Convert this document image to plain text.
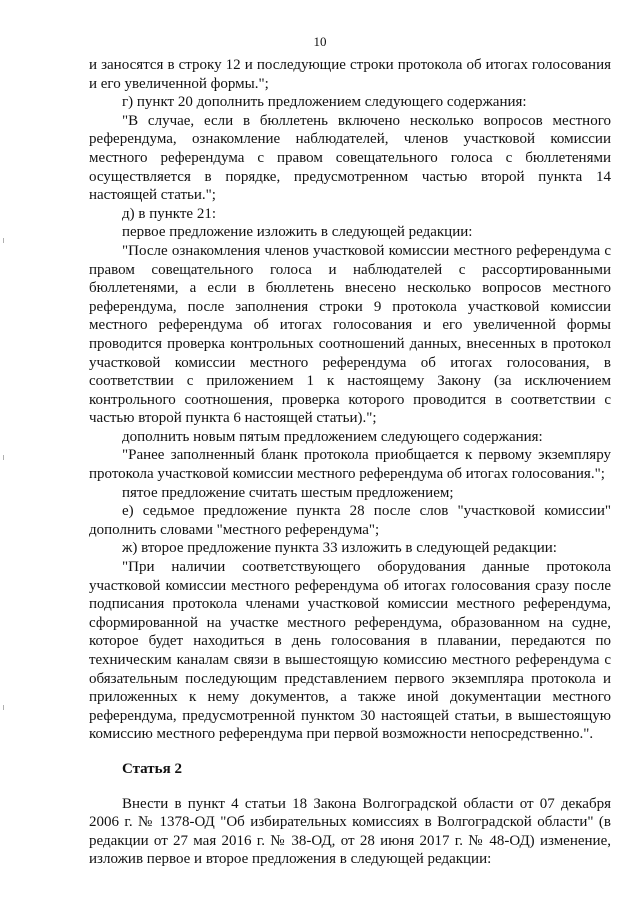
10

и заносятся в строку 12 и последующие строки протокола об итогах голосования и его увеличенной формы.";

г) пункт 20 дополнить предложением следующего содержания:

"В случае, если в бюллетень включено несколько вопросов местного референдума, ознакомление наблюдателей, членов участковой комиссии местного референдума с правом совещательного голоса с бюллетенями осуществляется в порядке, предусмотренном частью второй пункта 14 настоящей статьи.";

д) в пункте 21:

первое предложение изложить в следующей редакции:

"После ознакомления членов участковой комиссии местного референдума с правом совещательного голоса и наблюдателей с рассортированными бюллетенями, а если в бюллетень внесено несколько вопросов местного референдума, после заполнения строки 9 протокола участковой комиссии местного референдума об итогах голосования и его увеличенной формы проводится проверка контрольных соотношений данных, внесенных в протокол участковой комиссии местного референдума об итогах голосования, в соответствии с приложением 1 к настоящему Закону (за исключением контрольного соотношения, проверка которого проводится в соответствии с частью второй пункта 6 настоящей статьи).";

дополнить новым пятым предложением следующего содержания:

"Ранее заполненный бланк протокола приобщается к первому экземпляру протокола участковой комиссии местного референдума об итогах голосования.";

пятое предложение считать шестым предложением;

е) седьмое предложение пункта 28 после слов "участковой комиссии" дополнить словами "местного референдума";

ж) второе предложение пункта 33 изложить в следующей редакции:

"При наличии соответствующего оборудования данные протокола участковой комиссии местного референдума об итогах голосования сразу после подписания протокола членами участковой комиссии местного референдума, сформированной на участке местного референдума, образованном на судне, которое будет находиться в день голосования в плавании, передаются по техническим каналам связи в вышестоящую комиссию местного референдума с обязательным последующим представлением первого экземпляра протокола и приложенных к нему документов, а также иной документации местного референдума, предусмотренной пунктом 30 настоящей статьи, в вышестоящую комиссию местного референдума при первой возможности непосредственно.".

Статья 2

Внести в пункт 4 статьи 18 Закона Волгоградской области от 07 декабря 2006 г. № 1378-ОД "Об избирательных комиссиях в Волгоградской области" (в редакции от 27 мая 2016 г. № 38-ОД, от 28 июня 2017 г. № 48-ОД) изменение, изложив первое и второе предложения в следующей редакции:
